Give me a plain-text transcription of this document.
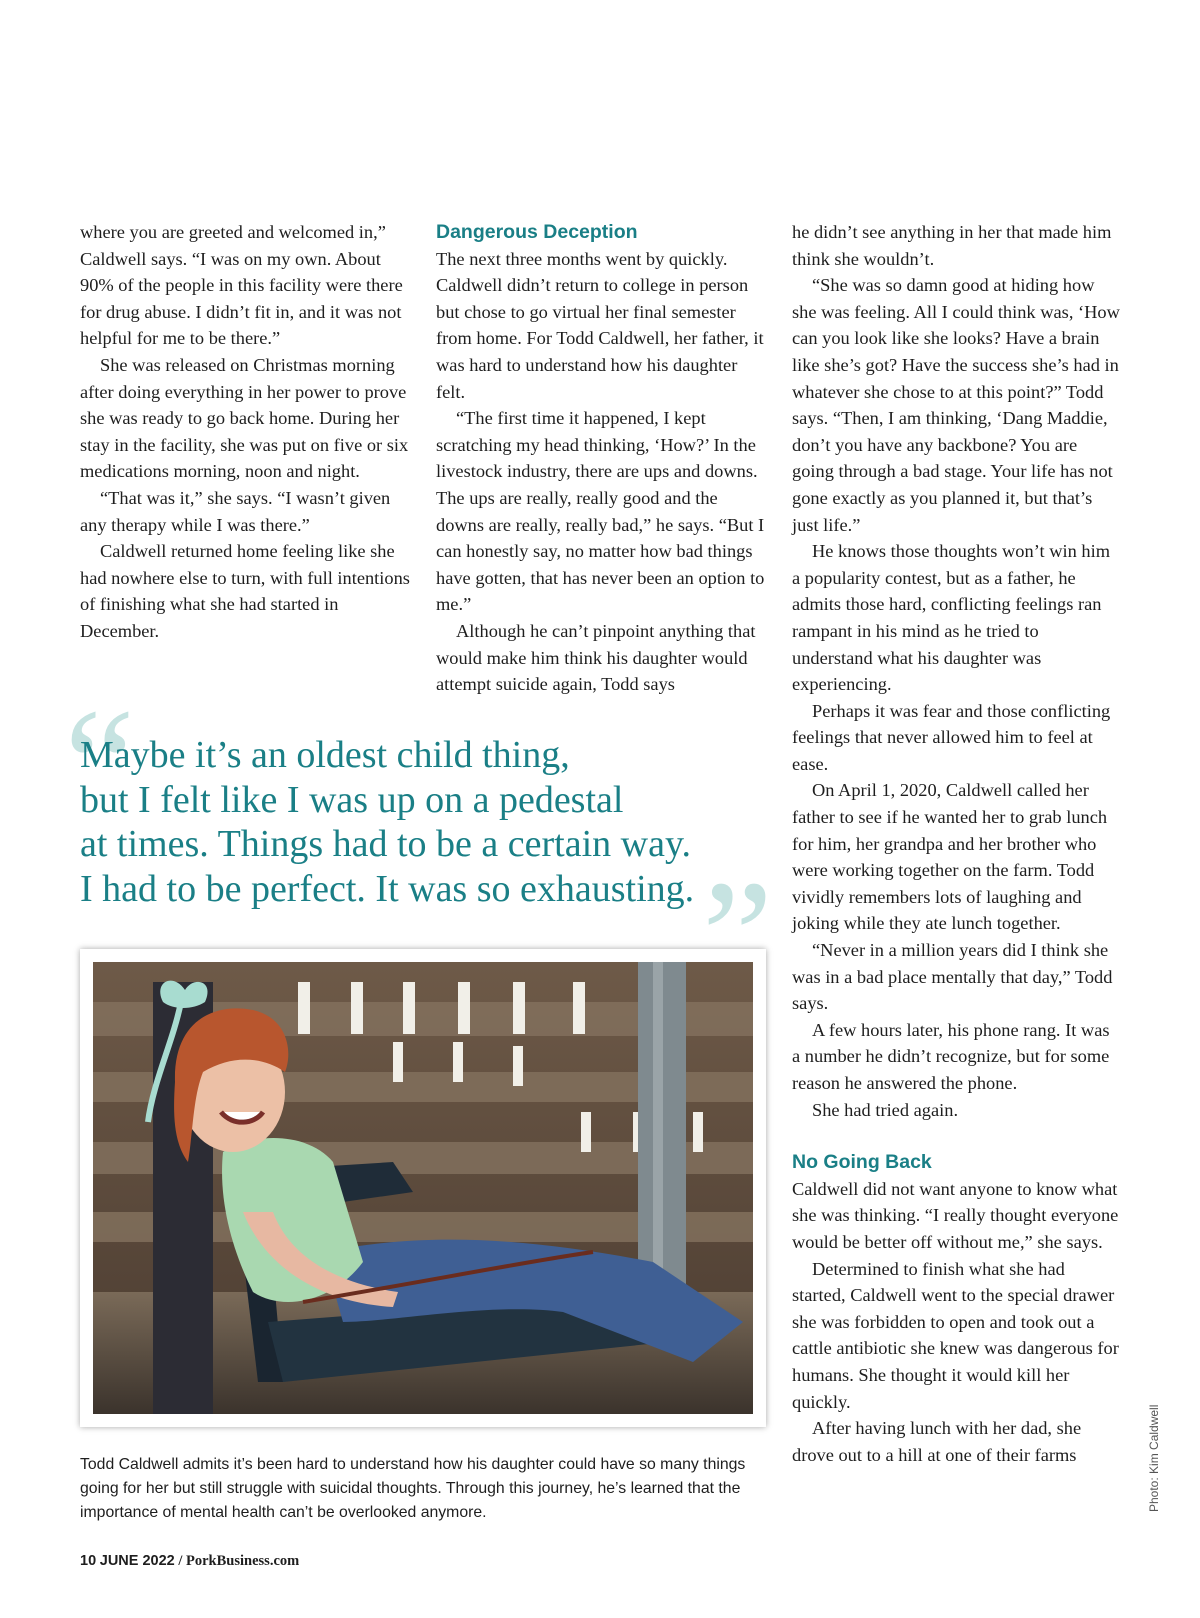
where you are greeted and welcomed in,” Caldwell says. “I was on my own. About 90% of the people in this facility were there for drug abuse. I didn’t fit in, and it was not helpful for me to be there.”

She was released on Christmas morning after doing everything in her power to prove she was ready to go back home. During her stay in the facility, she was put on five or six medications morning, noon and night.

“That was it,” she says. “I wasn’t given any therapy while I was there.”

Caldwell returned home feeling like she had nowhere else to turn, with full intentions of finishing what she had started in December.

Dangerous Deception

The next three months went by quickly. Caldwell didn’t return to college in person but chose to go virtual her final semester from home. For Todd Caldwell, her father, it was hard to understand how his daughter felt.

“The first time it happened, I kept scratching my head thinking, ‘How?’ In the livestock industry, there are ups and downs. The ups are really, really good and the downs are really, really bad,” he says. “But I can honestly say, no matter how bad things have gotten, that has never been an option to me.”

Although he can’t pinpoint anything that would make him think his daughter would attempt suicide again, Todd says

he didn’t see anything in her that made him think she wouldn’t.

“She was so damn good at hiding how she was feeling. All I could think was, ‘How can you look like she looks? Have a brain like she’s got? Have the success she’s had in whatever she chose to at this point?” Todd says. “Then, I am thinking, ‘Dang Maddie, don’t you have any backbone? You are going through a bad stage. Your life has not gone exactly as you planned it, but that’s just life.”

He knows those thoughts won’t win him a popularity contest, but as a father, he admits those hard, conflicting feelings ran rampant in his mind as he tried to understand what his daughter was experiencing.

Perhaps it was fear and those conflicting feelings that never allowed him to feel at ease.

On April 1, 2020, Caldwell called her father to see if he wanted her to grab lunch for him, her grandpa and her brother who were working together on the farm. Todd vividly remembers lots of laughing and joking while they ate lunch together.

“Never in a million years did I think she was in a bad place mentally that day,” Todd says.

A few hours later, his phone rang. It was a number he didn’t recognize, but for some reason he answered the phone.

She had tried again.

No Going Back

Caldwell did not want anyone to know what she was thinking. “I really thought everyone would be better off without me,” she says.

Determined to finish what she had started, Caldwell went to the special drawer she was forbidden to open and took out a cattle antibiotic she knew was dangerous for humans. She thought it would kill her quickly.

After having lunch with her dad, she drove out to a hill at one of their farms

“
”

Maybe it’s an oldest child thing,
but I felt like I was up on a pedestal
at times. Things had to be a certain way.
I had to be perfect. It was so exhausting.

Todd Caldwell admits it’s been hard to understand how his daughter could have so many things going for her but still struggle with suicidal thoughts. Through this journey, he’s learned that the importance of mental health can’t be overlooked anymore.

Photo: Kim Caldwell
10 JUNE 2022 / PorkBusiness.com
